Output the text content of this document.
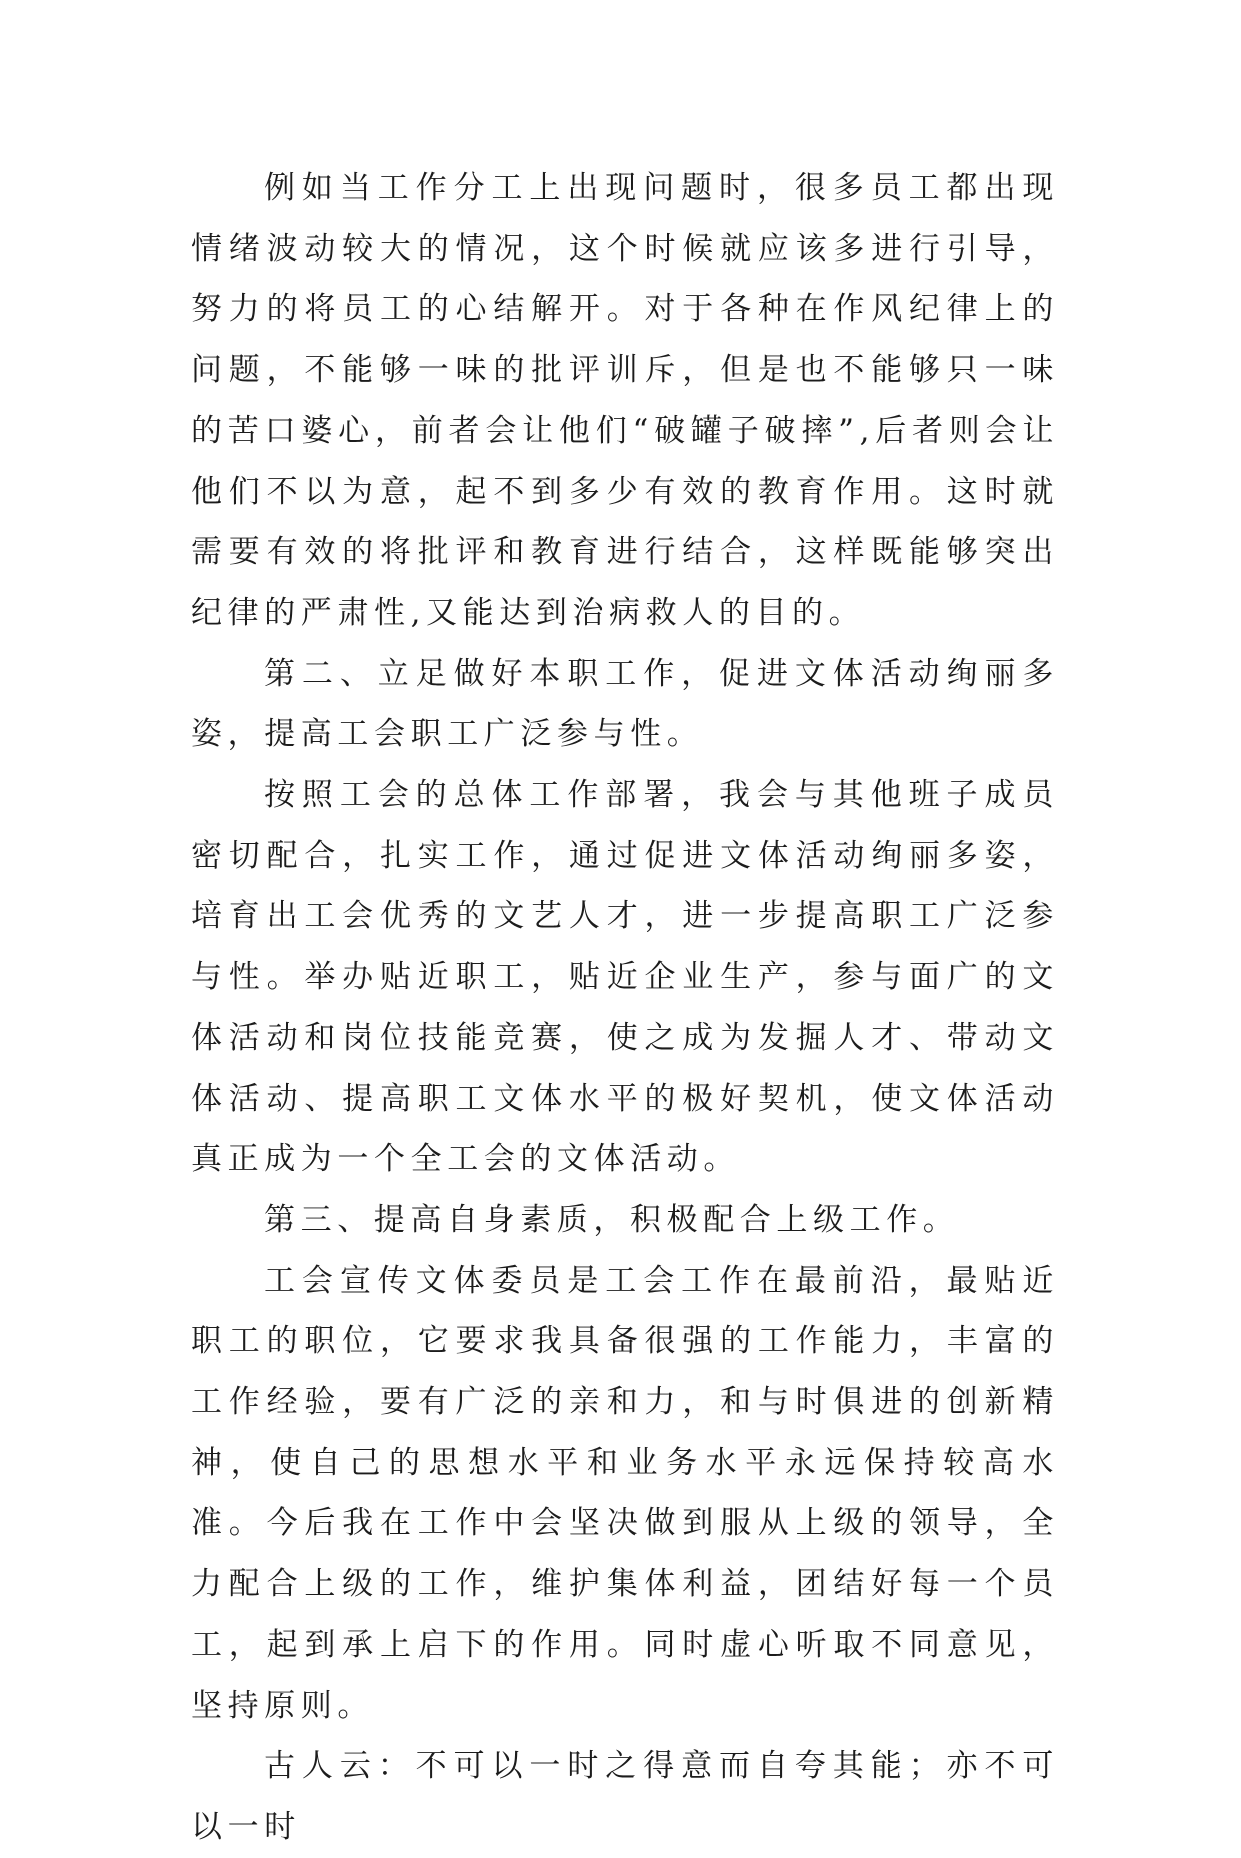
例如当工作分工上出现问题时，很多员工都出现情绪波动较大的情况，这个时候就应该多进行引导，努力的将员工的心结解开。对于各种在作风纪律上的问题，不能够一味的批评训斥，但是也不能够只一味的苦口婆心，前者会让他们“破罐子破摔”,后者则会让他们不以为意，起不到多少有效的教育作用。这时就需要有效的将批评和教育进行结合，这样既能够突出纪律的严肃性,又能达到治病救人的目的。

第二、立足做好本职工作，促进文体活动绚丽多姿，提高工会职工广泛参与性。

按照工会的总体工作部署，我会与其他班子成员密切配合，扎实工作，通过促进文体活动绚丽多姿，培育出工会优秀的文艺人才，进一步提高职工广泛参与性。举办贴近职工，贴近企业生产，参与面广的文体活动和岗位技能竞赛，使之成为发掘人才、带动文体活动、提高职工文体水平的极好契机，使文体活动真正成为一个全工会的文体活动。

第三、提高自身素质，积极配合上级工作。

工会宣传文体委员是工会工作在最前沿，最贴近职工的职位，它要求我具备很强的工作能力，丰富的工作经验，要有广泛的亲和力，和与时俱进的创新精神，使自己的思想水平和业务水平永远保持较高水准。今后我在工作中会坚决做到服从上级的领导，全力配合上级的工作，维护集体利益，团结好每一个员工，起到承上启下的作用。同时虚心听取不同意见，坚持原则。

古人云：不可以一时之得意而自夸其能；亦不可以一时
